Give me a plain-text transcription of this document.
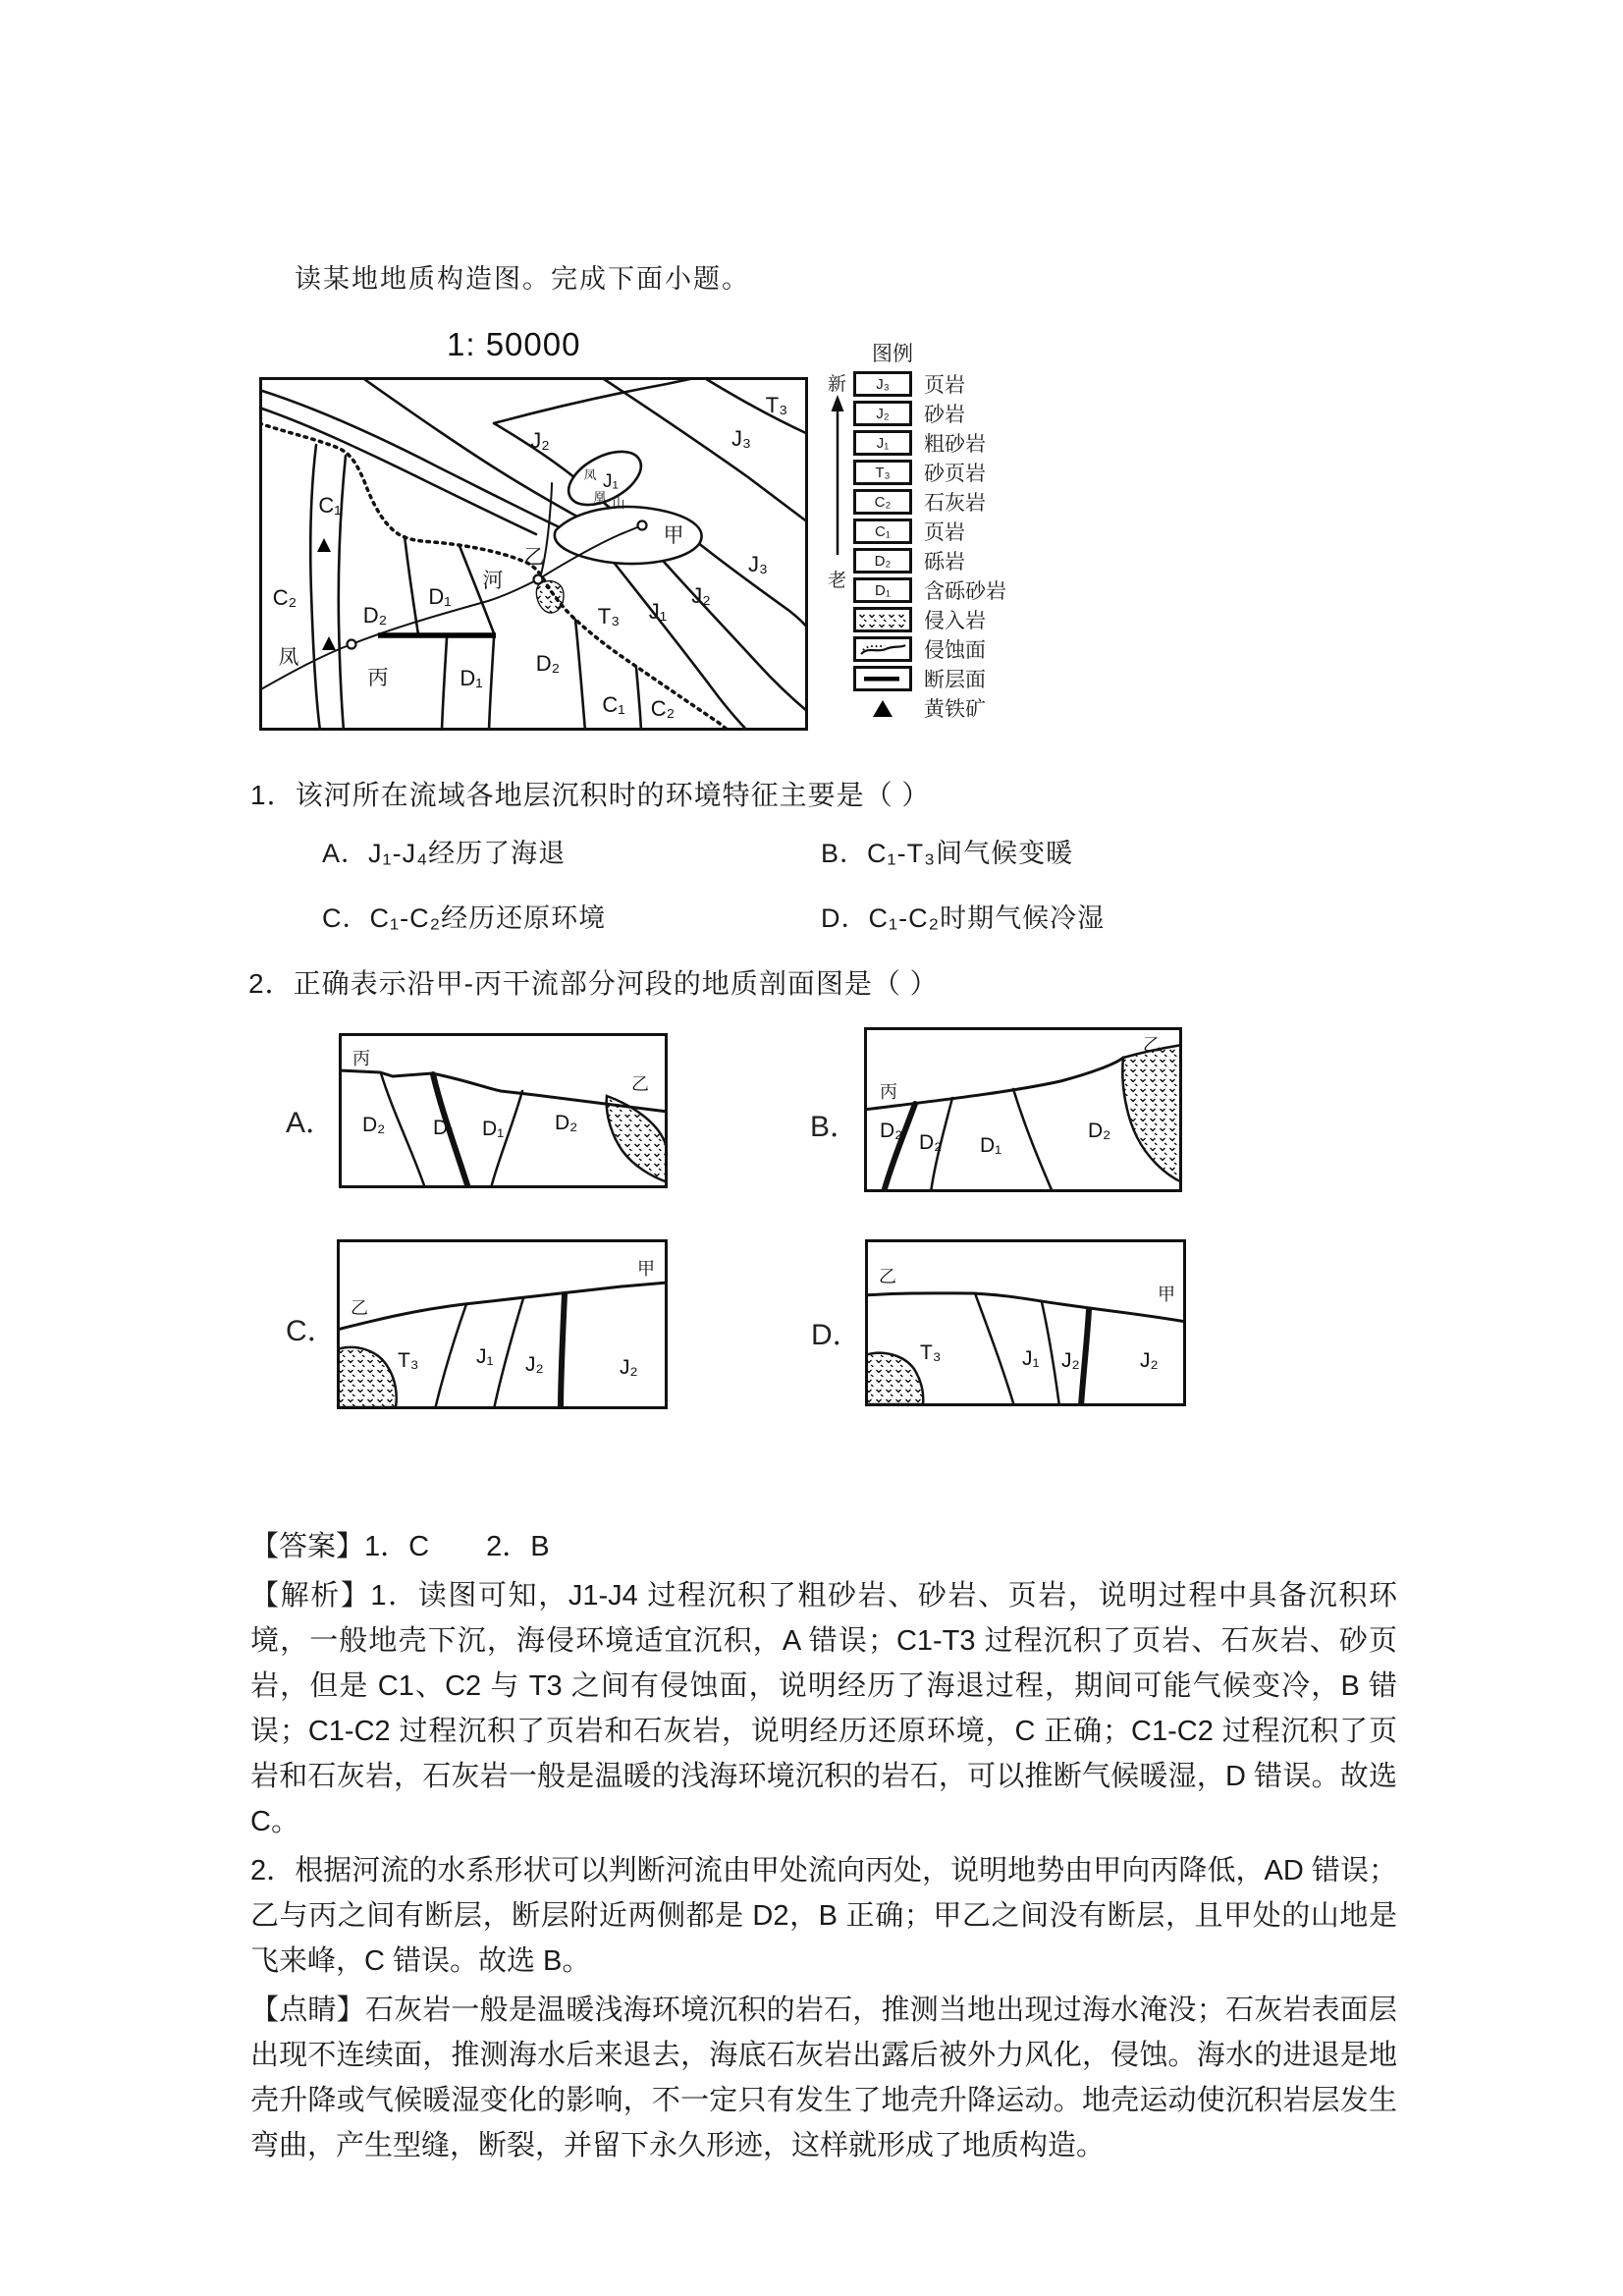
读某地地质构造图。完成下面小题。
1: 50000
C₁
C₂
D₂
D₁
D₁
D₂
C₁ C₂
河
乙
凤
丙
甲
J₂
J₁
凤
凰 山
T₃ J₁
J₂
J₃
T₃
J₃
图例
新
老
J₃	页岩
J₂	砂岩
J₁	粗砂岩
T₃	砂页岩
C₂	石灰岩
C₁	页岩
D₂	砾岩
D₁	含砾砂岩
侵入岩
侵蚀面
断层面
黄铁矿
1．该河所在流域各地层沉积时的环境特征主要是（ ）
A．J₁-J₄经历了海退	B．C₁-T₃间气候变暖
C．C₁-C₂经历还原环境	D．C₁-C₂时期气候冷湿
2．正确表示沿甲-丙干流部分河段的地质剖面图是（ ）
A．
丙
D₂ D₁ D₁ D₂
乙
B．
丙
D₂
D₂ D₁
D₂
乙
C．
乙
T₃	J₁ J₂	J₂
甲
D．
乙
T₃	J₁ J₂	J₂
甲

【答案】1．C　　2．B

【解析】1．读图可知，J1-J4 过程沉积了粗砂岩、砂岩、页岩，说明过程中具备沉积环境，一般地壳下沉，海侵环境适宜沉积，A 错误；C1-T3 过程沉积了页岩、石灰岩、砂页岩，但是 C1、C2 与 T3 之间有侵蚀面，说明经历了海退过程，期间可能气候变冷，B 错误；C1-C2 过程沉积了页岩和石灰岩，说明经历还原环境，C 正确；C1-C2 过程沉积了页岩和石灰岩，石灰岩一般是温暖的浅海环境沉积的岩石，可以推断气候暖湿，D 错误。故选 C。

2．根据河流的水系形状可以判断河流由甲处流向丙处，说明地势由甲向丙降低，AD 错误；乙与丙之间有断层，断层附近两侧都是 D2，B 正确；甲乙之间没有断层，且甲处的山地是飞来峰，C 错误。故选 B。

【点睛】石灰岩一般是温暖浅海环境沉积的岩石，推测当地出现过海水淹没；石灰岩表面层出现不连续面，推测海水后来退去，海底石灰岩出露后被外力风化，侵蚀。海水的进退是地壳升降或气候暖湿变化的影响，不一定只有发生了地壳升降运动。地壳运动使沉积岩层发生弯曲，产生型缝，断裂，并留下永久形迹，这样就形成了地质构造。
